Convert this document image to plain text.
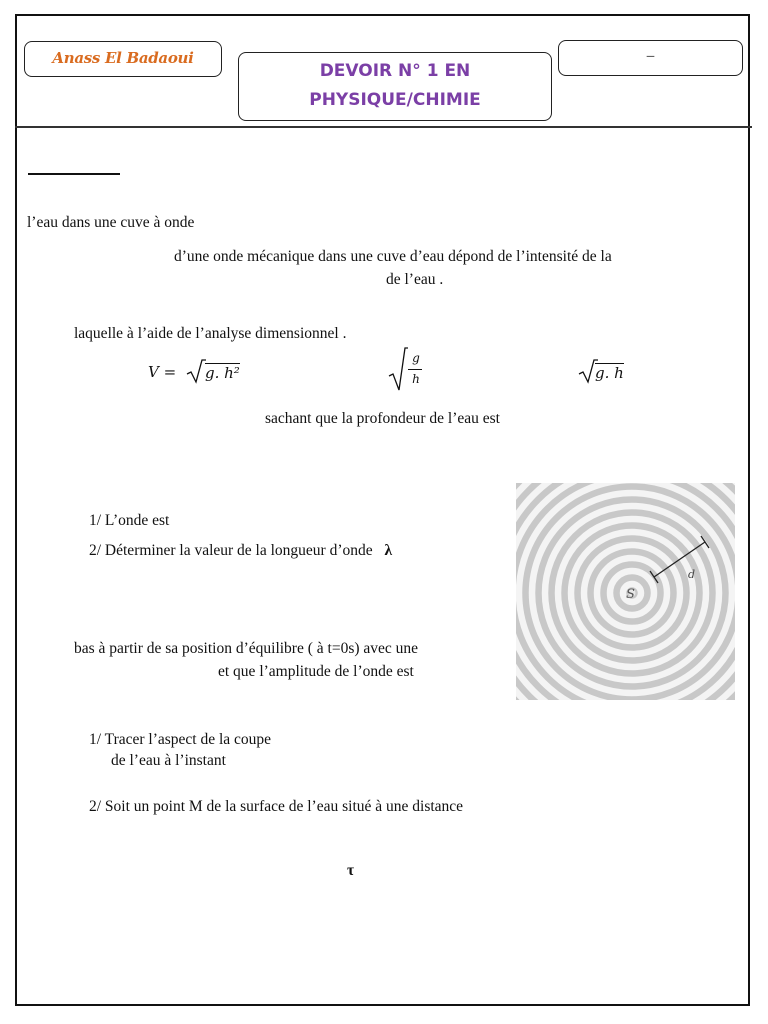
Anass El Badaoui
DEVOIR N° 1 EN
PHYSIQUE/CHIMIE
–
l’eau dans une cuve à onde
d’une onde mécanique dans une cuve d’eau dépond de l’intensité de la
de l’eau .
laquelle à l’aide de l’analyse dimensionnel .
V = g. h²
g
h	g. h
sachant que la profondeur de l’eau est
1/ L’onde est
2/ Déterminer la valeur de la longueur d’onde λ
S
d
bas à partir de sa position d’équilibre ( à t=0s) avec une
et que l’amplitude de l’onde est
1/ Tracer l’aspect de la coupe
de l’eau à l’instant
2/ Soit un point M de la surface de l’eau situé à une distance
τ
